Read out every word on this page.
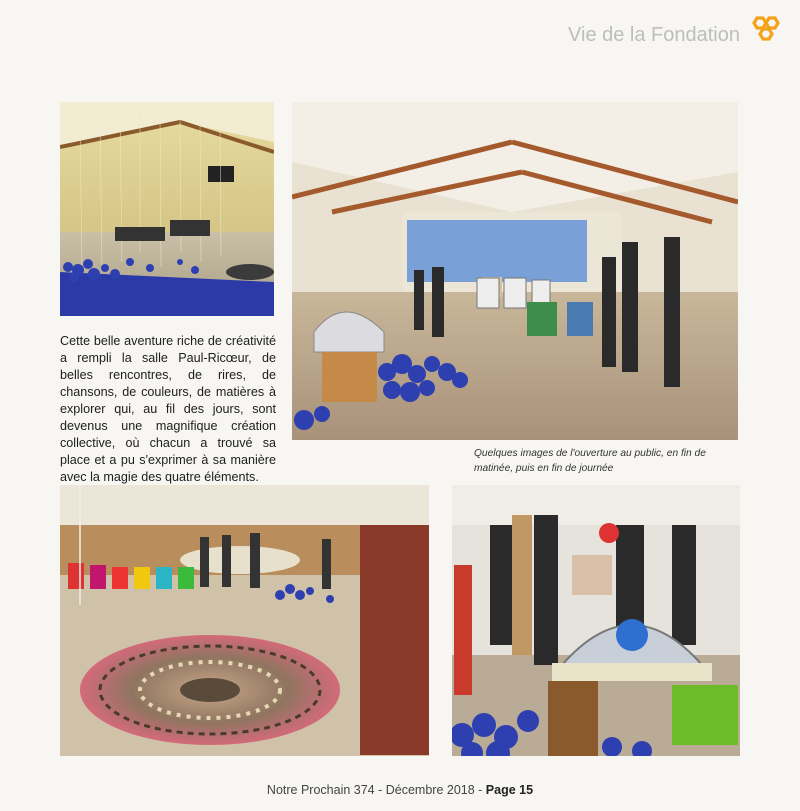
Vie de la Fondation

Cette belle aventure riche de créativité a rempli la salle Paul-Ricœur, de belles rencontres, de rires, de chansons, de couleurs, de matières à explorer qui, au fil des jours, sont devenus une magnifique création collective, où chacun a trouvé sa place et a pu s'exprimer à sa manière avec la magie des quatre éléments.

Quelques images de l'ouverture au public, en fin de matinée, puis en fin de journée

Notre Prochain 374 - Décembre 2018 - Page 15
